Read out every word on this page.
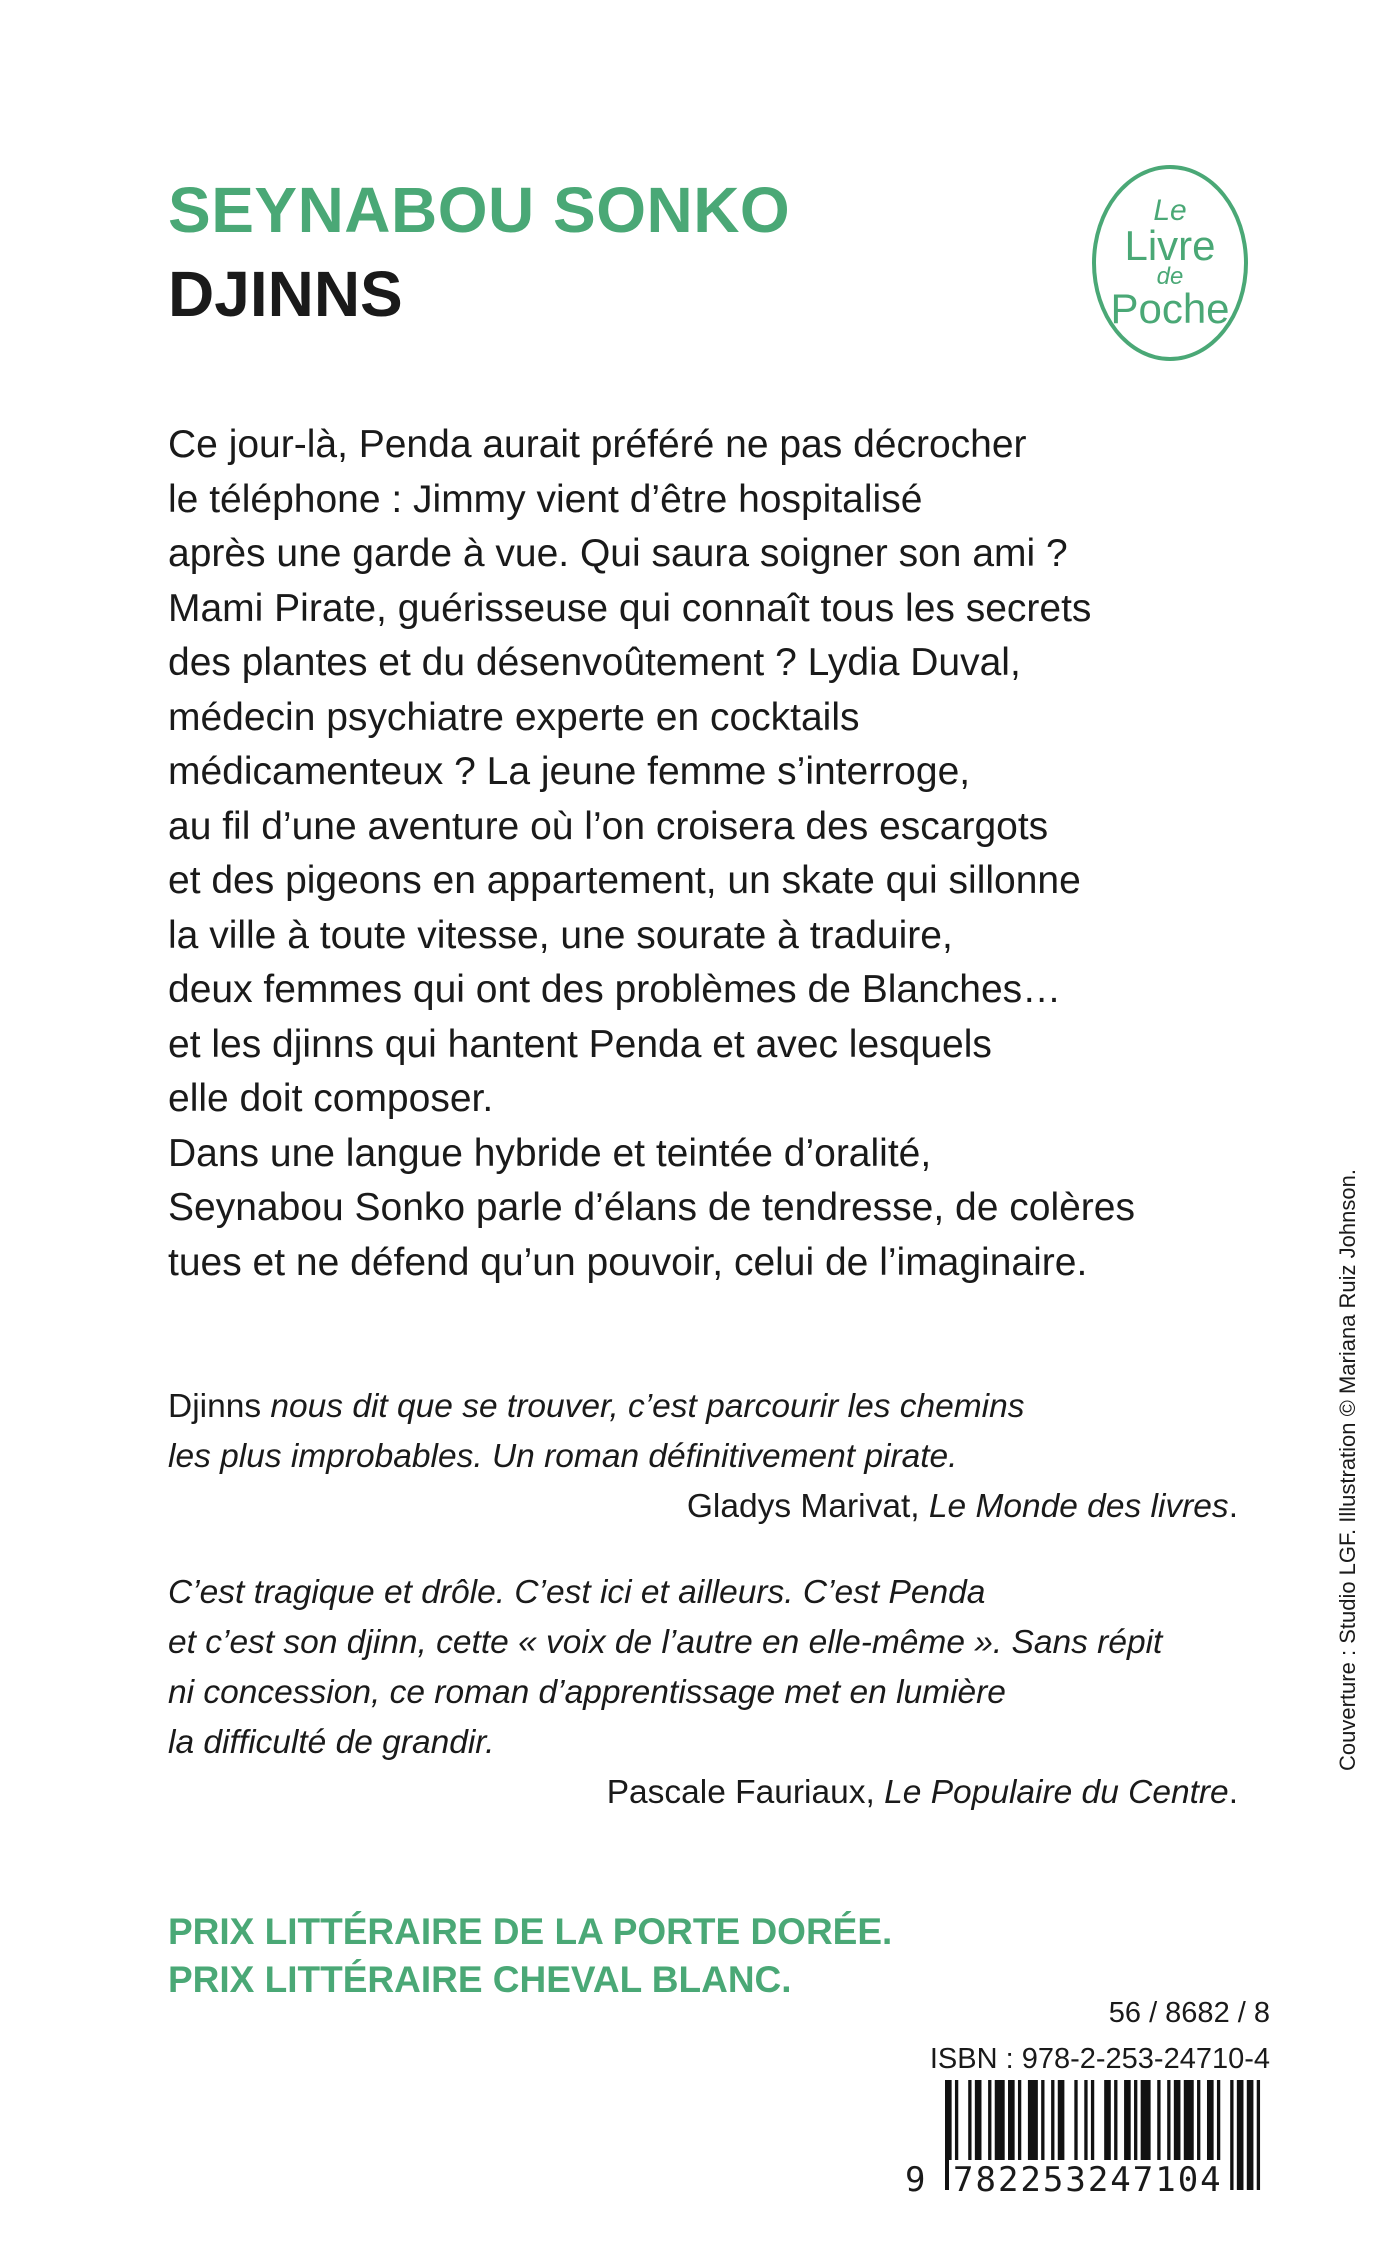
SEYNABOU SONKO
DJINNS
Le
Livre
de
Poche
Ce jour-là, Penda aurait préféré ne pas décrocher
le téléphone : Jimmy vient d’être hospitalisé
après une garde à vue. Qui saura soigner son ami ?
Mami Pirate, guérisseuse qui connaît tous les secrets
des plantes et du désenvoûtement ? Lydia Duval,
médecin psychiatre experte en cocktails
médicamenteux ? La jeune femme s’interroge,
au fil d’une aventure où l’on croisera des escargots
et des pigeons en appartement, un skate qui sillonne
la ville à toute vitesse, une sourate à traduire,
deux femmes qui ont des problèmes de Blanches…
et les djinns qui hantent Penda et avec lesquels
elle doit composer.
Dans une langue hybride et teintée d’oralité,
Seynabou Sonko parle d’élans de tendresse, de colères
tues et ne défend qu’un pouvoir, celui de l’imaginaire.
Djinns nous dit que se trouver, c’est parcourir les chemins
les plus improbables. Un roman définitivement pirate.
Gladys Marivat, Le Monde des livres.
C’est tragique et drôle. C’est ici et ailleurs. C’est Penda
et c’est son djinn, cette « voix de l’autre en elle-même ». Sans répit
ni concession, ce roman d’apprentissage met en lumière
la difficulté de grandir.
Pascale Fauriaux, Le Populaire du Centre.
PRIX LITTÉRAIRE DE LA PORTE DORÉE.
PRIX LITTÉRAIRE CHEVAL BLANC.
56 / 8682 / 8
ISBN : 978-2-253-24710-4
9 782253247104
Couverture : Studio LGF. Illustration © Mariana Ruiz Johnson.
